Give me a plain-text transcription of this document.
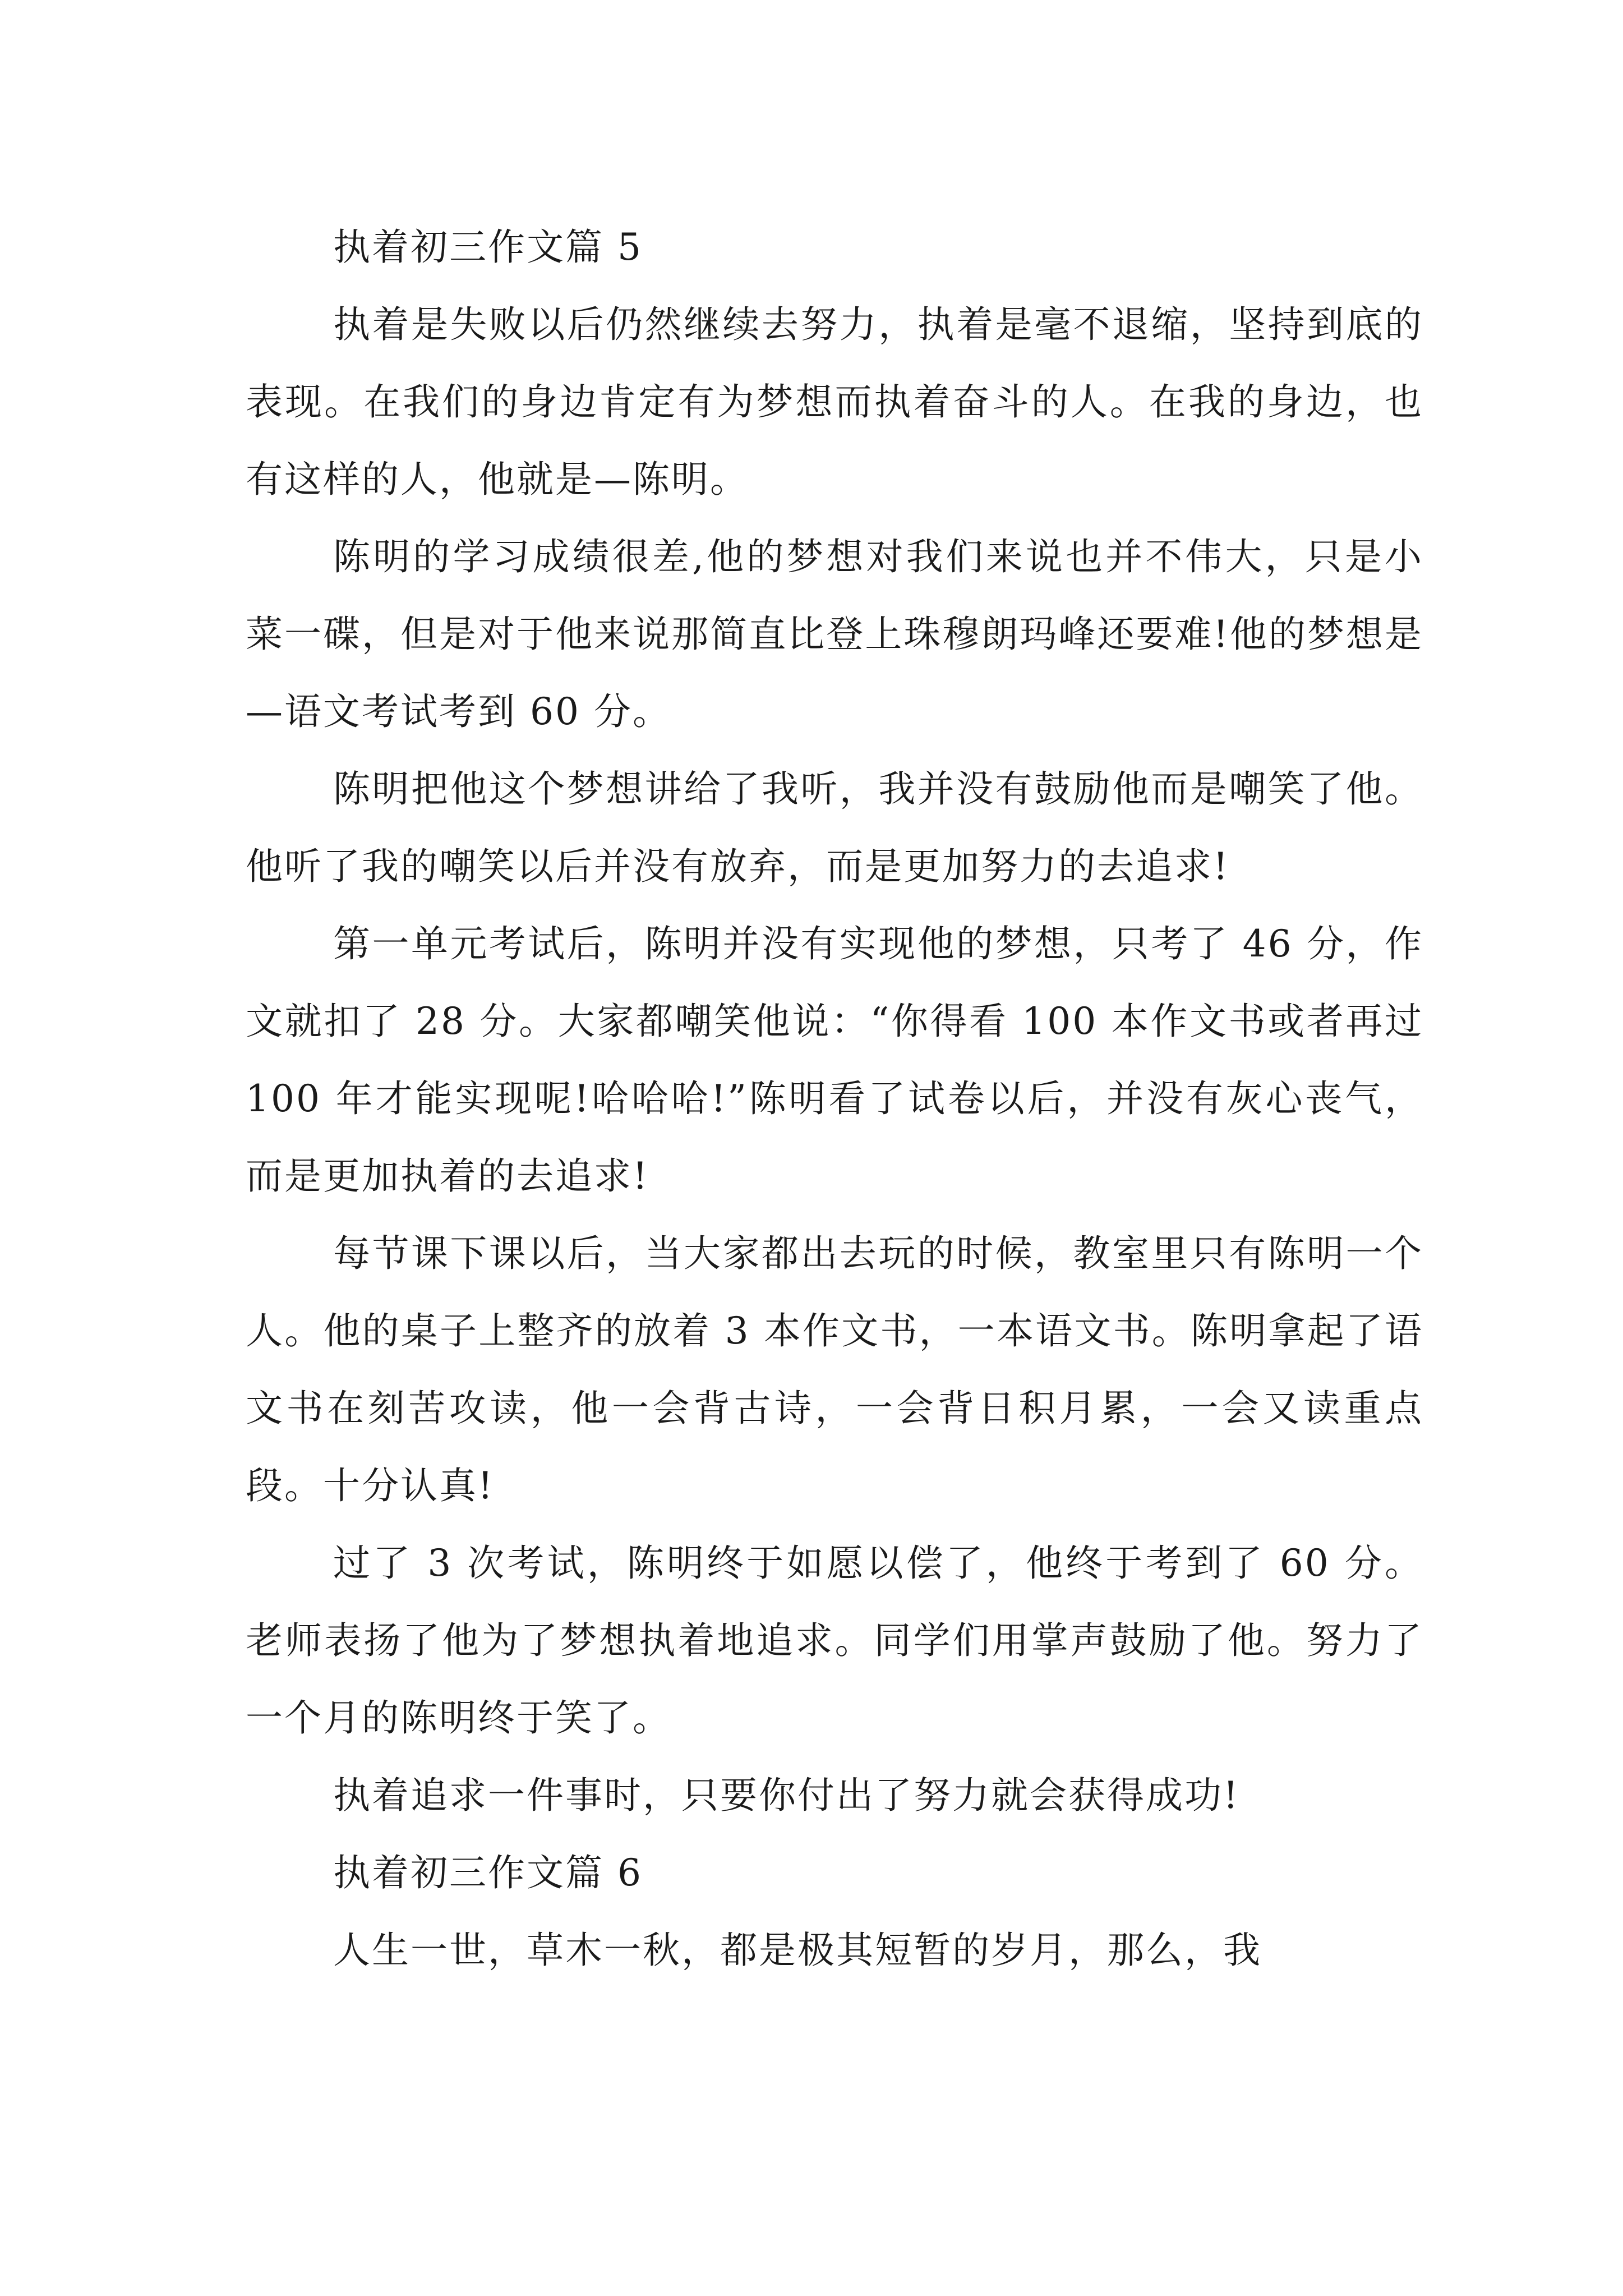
执着初三作文篇 5

执着是失败以后仍然继续去努力，执着是毫不退缩，坚持到底的表现。在我们的身边肯定有为梦想而执着奋斗的人。在我的身边，也有这样的人，他就是—陈明。

陈明的学习成绩很差,他的梦想对我们来说也并不伟大，只是小菜一碟，但是对于他来说那简直比登上珠穆朗玛峰还要难!他的梦想是—语文考试考到 60 分。

陈明把他这个梦想讲给了我听，我并没有鼓励他而是嘲笑了他。他听了我的嘲笑以后并没有放弃，而是更加努力的去追求!

第一单元考试后，陈明并没有实现他的梦想，只考了 46 分，作文就扣了 28 分。大家都嘲笑他说：“你得看 100 本作文书或者再过 100 年才能实现呢!哈哈哈!”陈明看了试卷以后，并没有灰心丧气，而是更加执着的去追求!

每节课下课以后，当大家都出去玩的时候，教室里只有陈明一个人。他的桌子上整齐的放着 3 本作文书，一本语文书。陈明拿起了语文书在刻苦攻读，他一会背古诗，一会背日积月累，一会又读重点段。十分认真!

过了 3 次考试，陈明终于如愿以偿了，他终于考到了 60 分。老师表扬了他为了梦想执着地追求。同学们用掌声鼓励了他。努力了一个月的陈明终于笑了。

执着追求一件事时，只要你付出了努力就会获得成功!

执着初三作文篇 6

人生一世，草木一秋，都是极其短暂的岁月，那么，我
